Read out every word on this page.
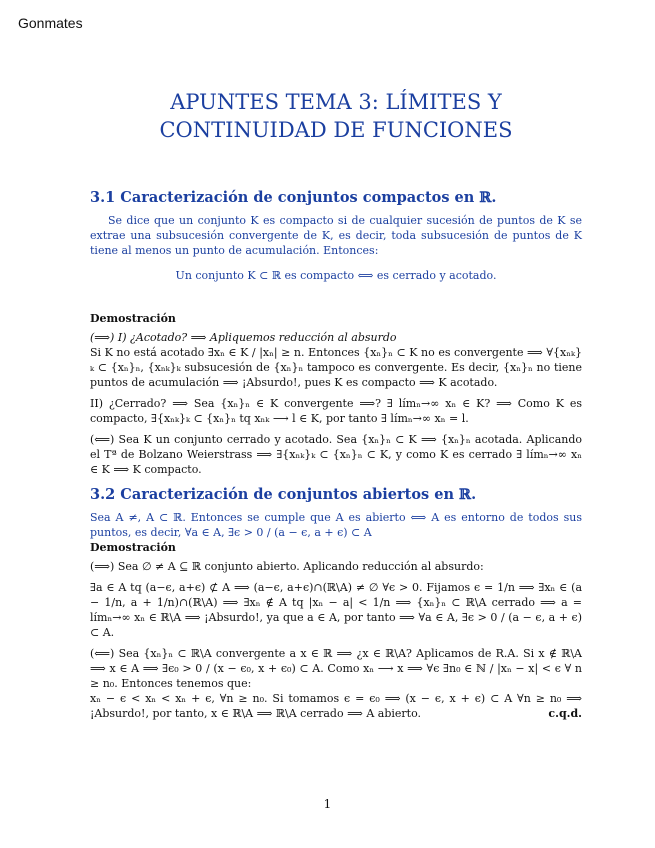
Gonmates
APUNTES TEMA 3: LÍMITES Y
CONTINUIDAD DE FUNCIONES
3.1 Caracterización de conjuntos compactos en ℝ.

Se dice que un conjunto K es compacto si de cualquier sucesión de puntos de K se extrae una subsucesión convergente de K, es decir, toda subsucesión de puntos de K tiene al menos un punto de acumulación. Entonces:

Un conjunto K ⊂ ℝ es compacto ⟺ es cerrado y acotado.

Demostración

(⟹) I) ¿Acotado? ⟹ Apliquemos reducción al absurdo

Si K no está acotado ∃xₙ ∈ K / |xₙ| ≥ n. Entonces {xₙ}ₙ ⊂ K no es convergente ⟹ ∀{xₙₖ}ₖ ⊂ {xₙ}ₙ, {xₙₖ}ₖ subsucesión de {xₙ}ₙ tampoco es convergente. Es decir, {xₙ}ₙ no tiene puntos de acumulación ⟹ ¡Absurdo!, pues K es compacto ⟹ K acotado.

II) ¿Cerrado? ⟹ Sea {xₙ}ₙ ∈ K convergente ⟹? ∃ límₙ→∞ xₙ ∈ K? ⟹ Como K es compacto, ∃{xₙₖ}ₖ ⊂ {xₙ}ₙ tq xₙₖ ⟶ l ∈ K, por tanto ∃ límₙ→∞ xₙ = l.

(⟸) Sea K un conjunto cerrado y acotado. Sea {xₙ}ₙ ⊂ K ⟹ {xₙ}ₙ acotada. Aplicando el Tª de Bolzano Weierstrass ⟹ ∃{xₙₖ}ₖ ⊂ {xₙ}ₙ ⊂ K, y como K es cerrado ∃ límₙ→∞ xₙ ∈ K ⟹ K compacto.

3.2 Caracterización de conjuntos abiertos en ℝ.

Sea A ≠, A ⊂ ℝ. Entonces se cumple que A es abierto ⟺ A es entorno de todos sus puntos, es decir, ∀a ∈ A, ∃ϵ > 0 / (a − ϵ, a + ϵ) ⊂ A

Demostración

(⟹) Sea ∅ ≠ A ⊆ ℝ conjunto abierto. Aplicando reducción al absurdo:

∃a ∈ A tq (a−ϵ, a+ϵ) ⊄ A ⟹ (a−ϵ, a+ϵ)∩(ℝ\A) ≠ ∅ ∀ϵ > 0. Fijamos ϵ = 1/n ⟹ ∃xₙ ∈ (a − 1/n, a + 1/n)∩(ℝ\A) ⟹ ∃xₙ ∉ A tq |xₙ − a| < 1/n ⟹ {xₙ}ₙ ⊂ ℝ\A cerrado ⟹ a = límₙ→∞ xₙ ∈ ℝ\A ⟹ ¡Absurdo!, ya que a ∈ A, por tanto ⟹ ∀a ∈ A, ∃ϵ > 0 / (a − ϵ, a + ϵ) ⊂ A.

(⟸) Sea {xₙ}ₙ ⊂ ℝ\A convergente a x ∈ ℝ ⟹ ¿x ∈ ℝ\A? Aplicamos de R.A. Si x ∉ ℝ\A ⟹ x ∈ A ⟹ ∃ϵ₀ > 0 / (x − ϵ₀, x + ϵ₀) ⊂ A. Como xₙ ⟶ x ⟹ ∀ϵ ∃n₀ ∈ ℕ / |xₙ − x| < ϵ ∀ n ≥ n₀. Entonces tenemos que:

xₙ − ϵ < xₙ < xₙ + ϵ, ∀n ≥ n₀. Si tomamos ϵ = ϵ₀ ⟹ (x − ϵ, x + ϵ) ⊂ A ∀n ≥ n₀ ⟹ ¡Absurdo!, por tanto, x ∈ ℝ\A ⟹ ℝ\A cerrado ⟹ A abierto.	c.q.d.

1
